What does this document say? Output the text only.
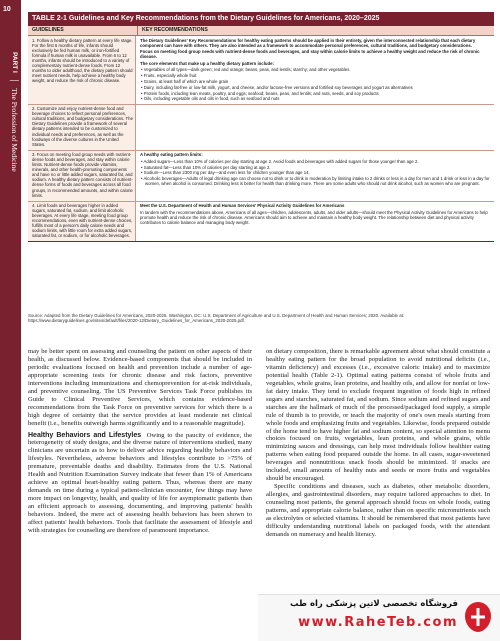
10
PART I│The Profession of Medicine
TABLE 2-1 Guidelines and Key Recommendations from the Dietary Guidelines for Americans, 2020–2025
GUIDELINES	KEY RECOMMENDATIONS

1. Follow a healthy dietary pattern at every life stage. For the first 6 months of life, infants should exclusively be fed human milk, or iron-fortified formula if human milk is unavailable. From 6 to 12 months, infants should be introduced to a variety of complementary nutrient-dense foods. From 12 months to older adulthood, the dietary pattern should meet nutrient needs, help achieve a healthy body weight, and reduce the risk of chronic disease.

The Dietary Guidelines' Key Recommendations for healthy eating patterns should be applied in their entirety, given the interconnected relationship that each dietary component can have with others. They are also intended as a framework to accommodate personal preferences, cultural traditions, and budgetary considerations.

Focus on meeting food group needs with nutrient-dense foods and beverages, and stay within calorie limits to achieve a healthy weight and reduce the risk of chronic disease.

The core elements that make up a healthy dietary pattern include:

• Vegetables of all types—dark green; red and orange; beans, peas, and lentils; starchy; and other vegetables

• Fruits, especially whole fruit

• Grains, at least half of which are whole grain

• Dairy, including fat-free or low-fat milk, yogurt, and cheese, and/or lactose-free versions and fortified soy beverages and yogurt as alternatives

• Protein foods, including lean meats, poultry, and eggs; seafood; beans, peas, and lentils; and nuts, seeds, and soy products

• Oils, including vegetable oils and oils in food, such as seafood and nuts

2. Customize and enjoy nutrient-dense food and beverage choices to reflect personal preferences, cultural traditions, and budgetary considerations. The Dietary Guidelines provide a framework of several dietary patterns intended to be customized to individual needs and preferences, as well as the foodways of the diverse cultures in the United States.

3. Focus on meeting food group needs with nutrient-dense foods and beverages, and stay within calorie limits. Nutrient-dense foods provide vitamins, minerals, and other health-promoting components and have no or little added sugars, saturated fat, and sodium. A healthy dietary pattern consists of nutrient-dense forms of foods and beverages across all food groups, in recommended amounts, and within calorie limits.

A healthy eating pattern limits:

• Added sugars—Less than 10% of calories per day starting at age 2. Avoid foods and beverages with added sugars for those younger than age 2.

• Saturated fat—Less than 10% of calories per day starting at age 2.

• Sodium—Less than 2300 mg per day—and even less for children younger than age 14.

• Alcoholic beverages—Adults of legal drinking age can choose not to drink or to drink in moderation by limiting intake to 2 drinks or less in a day for men and 1 drink or less in a day for women, when alcohol is consumed. Drinking less is better for health than drinking more. There are some adults who should not drink alcohol, such as women who are pregnant.

4. Limit foods and beverages higher in added sugars, saturated fat, sodium, and limit alcoholic beverages. At every life stage, meeting food group recommendations, even with nutrient-dense choices, fulfills most of a person's daily calorie needs and sodium limits, with little room for extra added sugars, saturated fat, or sodium, or for alcoholic beverages.

Meet the U.S. Department of Health and Human Services' Physical Activity Guidelines for Americans

In tandem with the recommendations above, Americans of all ages—children, adolescents, adults, and older adults—should meet the Physical Activity Guidelines for Americans to help promote health and reduce the risk of chronic disease. Americans should aim to achieve and maintain a healthy body weight. The relationship between diet and physical activity contributes to calorie balance and managing body weight.

Source: Adapted from the Dietary Guidelines for Americans, 2020-2025. Washington, DC: U.S. Department of Agriculture and U.S. Department of Health and Human Services; 2020. Available at: https://www.dietaryguidelines.gov/sites/default/files/2020-12/Dietary_Guidelines_for_Americans_2020-2025.pdf.

may be better spent on assessing and counseling the patient on other aspects of their health, as discussed below. Evidence-based components that should be included in periodic evaluations focused on health and prevention include a number of age-appropriate screening tests for chronic disease and risk factors, preventive interventions including immunizations and chemoprevention for at-risk individuals, and preventive counseling. The US Preventive Services Task Force publishes its Guide to Clinical Preventive Services, which contains evidence-based recommendations from the Task Force on preventive services for which there is a high degree of certainty that the service provides at least moderate net clinical benefit (i.e., benefits outweigh harms significantly and to a reasonable magnitude).

Healthy Behaviors and Lifestyles Owing to the paucity of evidence, the heterogeneity of study designs, and the diverse nature of interventions studied, many clinicians are uncertain as to how to deliver advice regarding healthy behaviors and lifestyles. Nevertheless, adverse behaviors and lifestyles contribute to >75% of premature, preventable deaths and disability. Estimates from the U.S. National Health and Nutrition Examination Survey indicate that fewer than 1% of Americans achieve an optimal heart-healthy eating pattern. Thus, whereas there are many demands on time during a typical patient-clinician encounter, few things may have more impact on longevity, health, and quality of life for asymptomatic patients than an efficient approach to assessing, documenting, and improving patients' health behaviors. Indeed, the mere act of assessing health behaviors has been shown to affect patients' health behaviors. Tools that facilitate the assessment of lifestyle and with strategies for counseling are therefore of paramount importance.

on dietary composition, there is remarkable agreement about what should constitute a healthy eating pattern for the broad population to avoid nutritional deficits (i.e., vitamin deficiency) and excesses (i.e., excessive caloric intake) and to maximize potential health (Table 2-1). Optimal eating patterns consist of whole fruits and vegetables, whole grains, lean proteins, and healthy oils, and allow for nonfat or low-fat dairy intake. They tend to exclude frequent ingestion of foods high in refined sugars and starches, saturated fat, and sodium. Since sodium and refined sugars and starches are the hallmark of much of the processed/packaged food supply, a simple rule of thumb is to provide, or teach the majority of one's own meals starting from whole foods and emphasizing fruits and vegetables. Likewise, foods prepared outside of the home tend to have higher fat and sodium content, so special attention to menu choices focused on fruits, vegetables, lean proteins, and whole grains, while minimizing sauces and dressings, can help most individuals follow healthier eating patterns when eating food prepared outside the home. In all cases, sugar-sweetened beverages and nonnutritious snack foods should be minimized. If snacks are included, small amounts of healthy nuts and seeds or more fruits and vegetables should be encouraged.

Specific conditions and diseases, such as diabetes, other metabolic disorders, allergies, and gastrointestinal disorders, may require tailored approaches to diet. In counseling most patients, the general approach should focus on whole foods, eating patterns, and appropriate calorie balance, rather than on specific micronutrients such as electrolytes or selected vitamins. It should be remembered that most patients have difficulty understanding nutritional labels on packaged foods, with the attendant demands on numeracy and health literacy.

فروشگاه تخصصی لاتین پزشکی راه طب
www.RaheTeb.com
